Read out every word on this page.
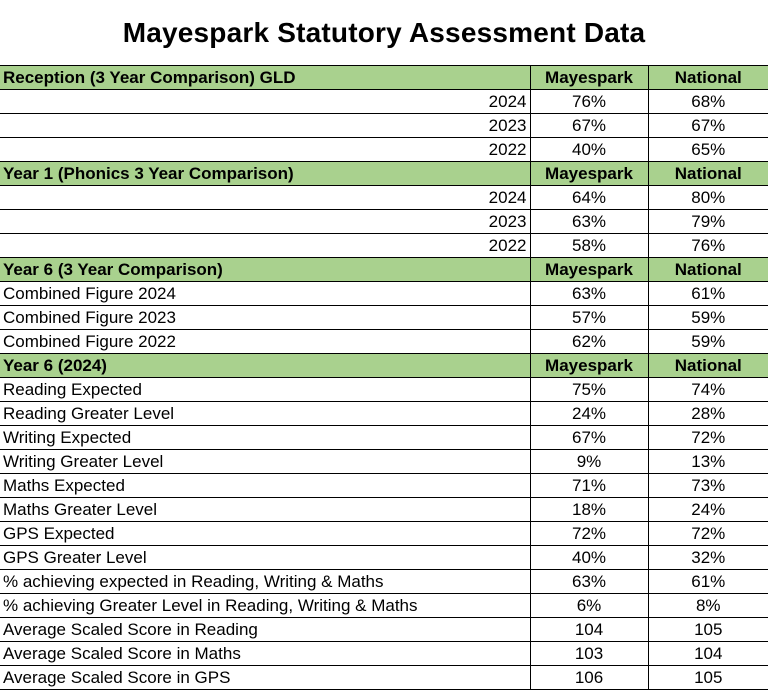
Mayespark Statutory Assessment Data
Reception (3 Year Comparison) GLD	Mayespark	National
2024	76%	68%
2023	67%	67%
2022	40%	65%
Year 1 (Phonics 3 Year Comparison)	Mayespark	National
2024	64%	80%
2023	63%	79%
2022	58%	76%
Year 6 (3 Year Comparison)	Mayespark	National
Combined Figure 2024	63%	61%
Combined Figure 2023	57%	59%
Combined Figure 2022	62%	59%
Year 6 (2024)	Mayespark	National
Reading Expected	75%	74%
Reading Greater Level	24%	28%
Writing Expected	67%	72%
Writing Greater Level	9%	13%
Maths Expected	71%	73%
Maths Greater Level	18%	24%
GPS Expected	72%	72%
GPS Greater Level	40%	32%
% achieving expected in Reading, Writing & Maths	63%	61%
% achieving Greater Level in Reading, Writing & Maths	6%	8%
Average Scaled Score in Reading	104	105
Average Scaled Score in Maths	103	104
Average Scaled Score in GPS	106	105
